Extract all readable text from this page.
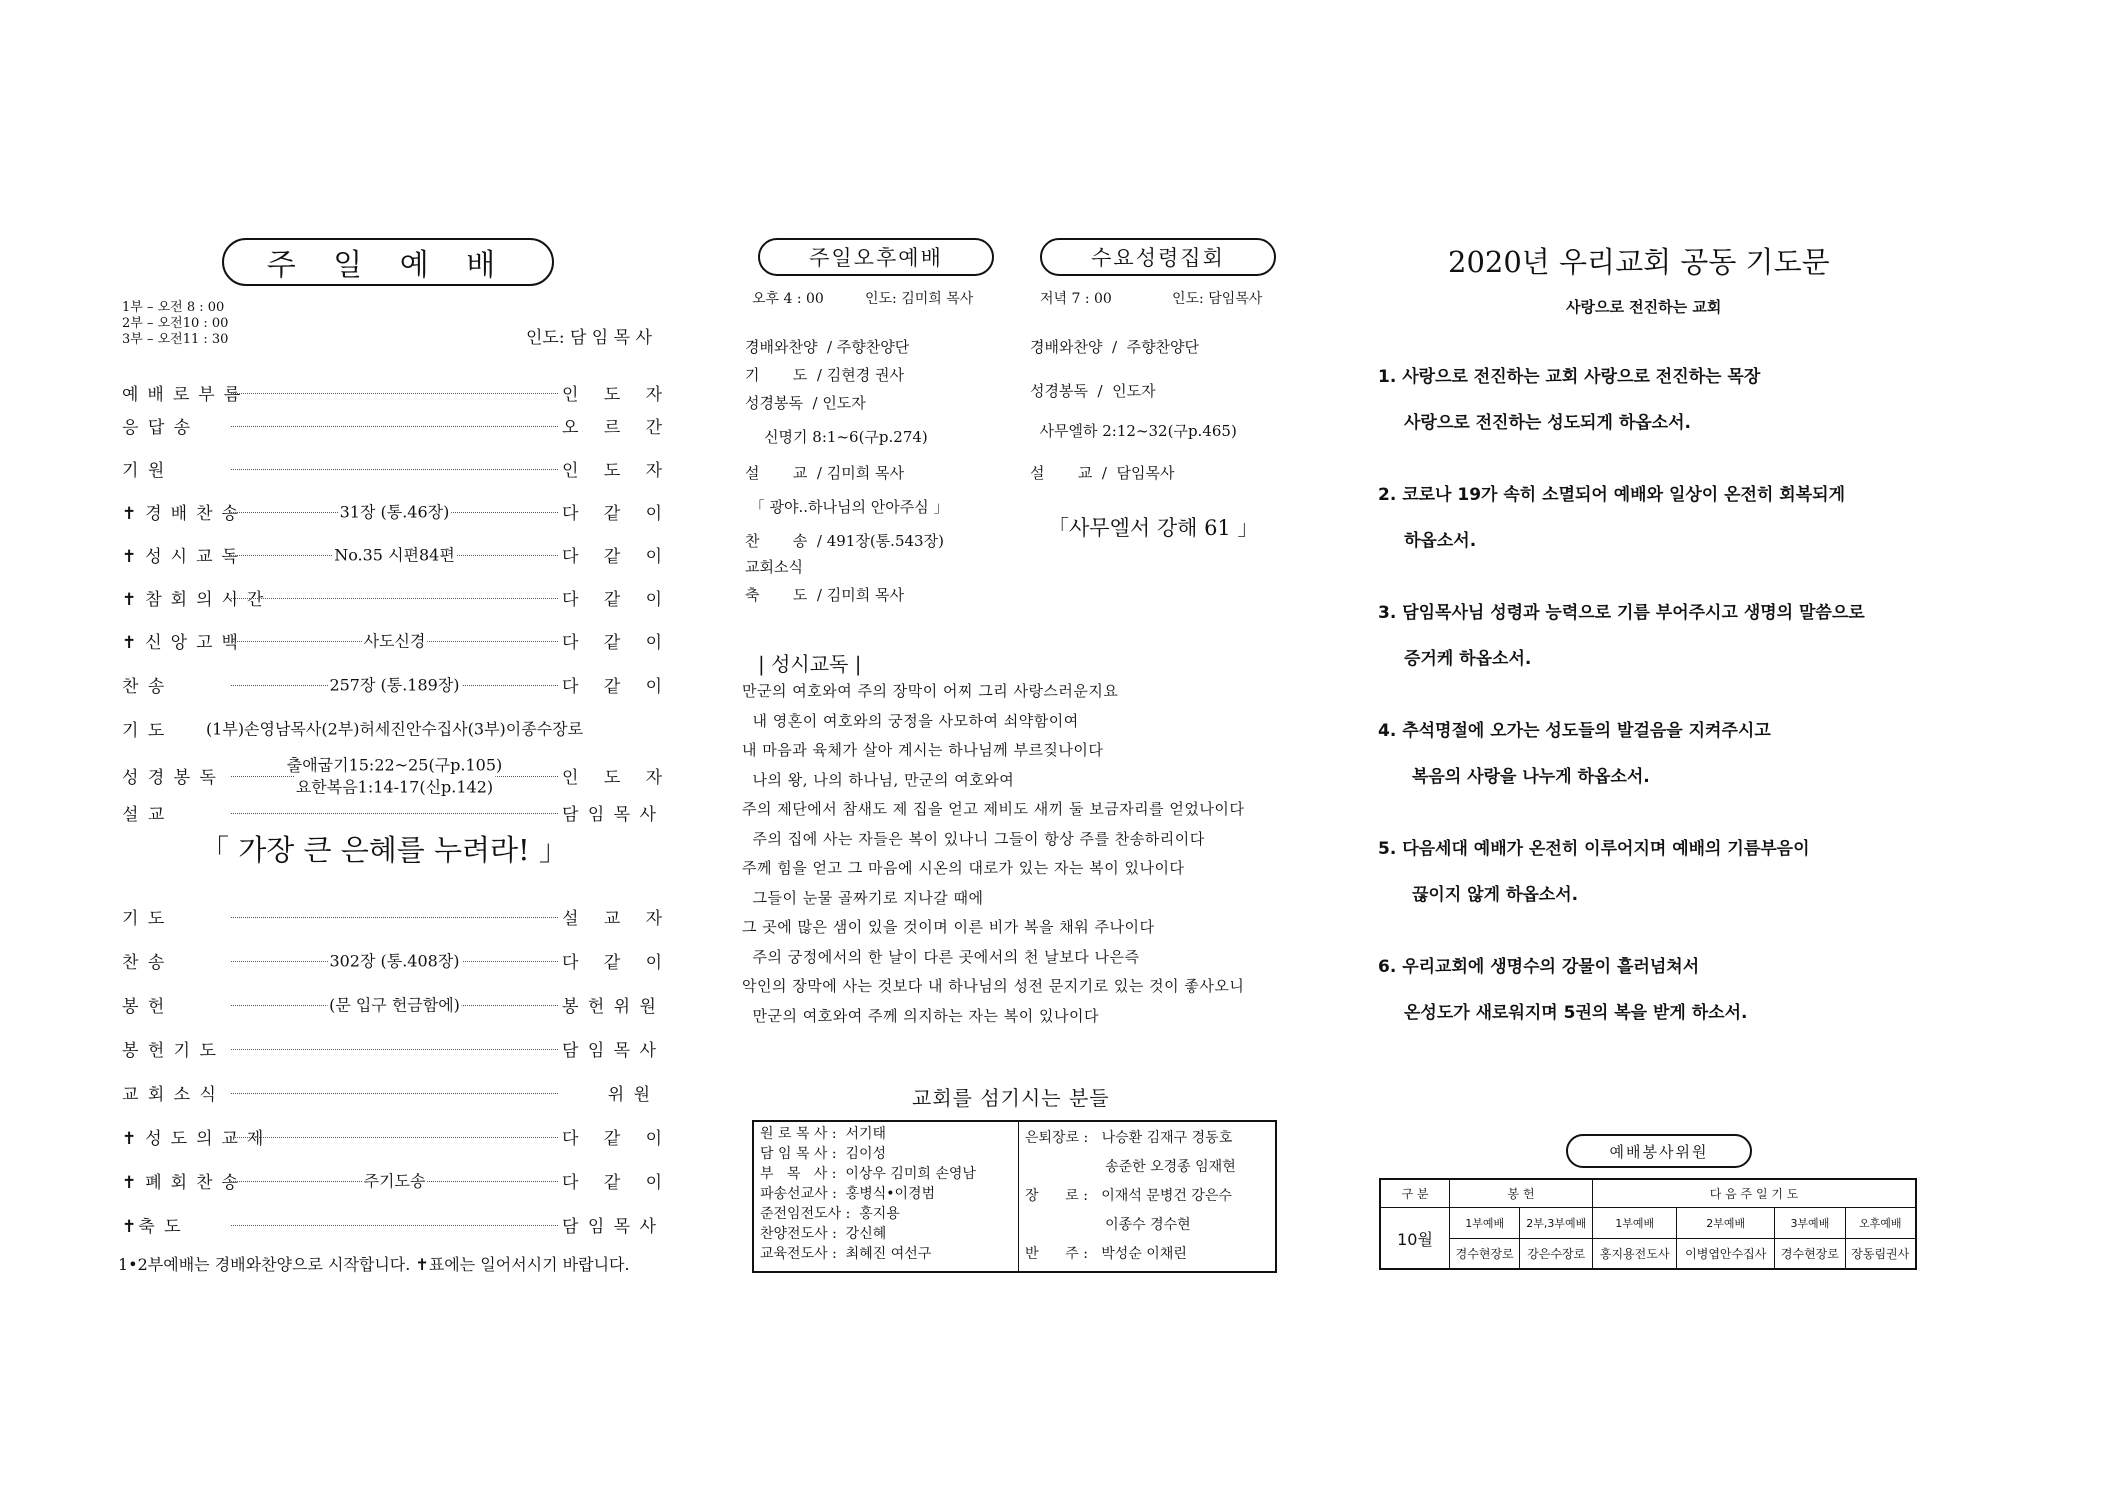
주 일 예 배
1부 – 오전 8 : 00
2부 – 오전10 : 00
3부 – 오전11 : 30	인도: 담 임 목 사
예배로부름	인 도 자
응 답 송	오 르 간
기 원	인 도 자
✝경배찬송	31장 (통.46장)	다 같 이
✝성시교독	No.35 시편84편	다 같 이
✝참회의시간	다 같 이
✝신앙고백	사도신경	다 같 이
찬 송	257장 (통.189장)	다 같 이
기 도	(1부)손영남목사(2부)허세진안수집사(3부)이종수장로
성 경 봉 독
출애굽기15:22~25(구p.105)
요한복음1:14-17(신p.142)	인 도 자
설 교	담 임 목 사
「 가장 큰 은혜를 누려라! 」
기 도	설 교 자
찬 송	302장 (통.408장)	다 같 이
봉 헌	(문 입구 헌금함에)	봉 헌 위 원
봉 헌 기 도	담 임 목 사
교 회 소 식	위 원
✝성도의교제	다 같 이
✝폐회찬송	주기도송	다 같 이
✝축 도	담 임 목 사
1•2부예배는 경배와찬양으로 시작합니다. ✝표에는 일어서시기 바랍니다.
주일오후예배	수요성령집회
오후 4 : 00	인도: 김미희 목사	저녁 7 : 00	인도: 담임목사
경배와찬양  / 주향찬양단
기       도  / 김현경 권사
성경봉독  / 인도자
신명기 8:1~6(구p.274)
설       교  / 김미희 목사
「 광야..하나님의 안아주심 」
찬       송  / 491장(통.543장)
교회소식
축       도  / 김미희 목사
경배와찬양  /  주향찬양단
성경봉독  /  인도자
사무엘하 2:12~32(구p.465)
설       교  /  담임목사
「사무엘서 강해 61 」
| 성시교독 |
만군의 여호와여 주의 장막이 어찌 그리 사랑스러운지요
내 영혼이 여호와의 궁정을 사모하여 쇠약함이여
내 마음과 육체가 살아 계시는 하나님께 부르짖나이다
나의 왕, 나의 하나님, 만군의 여호와여
주의 제단에서 참새도 제 집을 얻고 제비도 새끼 둘 보금자리를 얻었나이다
주의 집에 사는 자들은 복이 있나니 그들이 항상 주를 찬송하리이다
주께 힘을 얻고 그 마음에 시온의 대로가 있는 자는 복이 있나이다
그들이 눈물 골짜기로 지나갈 때에
그 곳에 많은 샘이 있을 것이며 이른 비가 복을 채워 주나이다
주의 궁정에서의 한 날이 다른 곳에서의 천 날보다 나은즉
악인의 장막에 사는 것보다 내 하나님의 성전 문지기로 있는 것이 좋사오니
만군의 여호와여 주께 의지하는 자는 복이 있나이다
교회를 섬기시는 분들
원 로 목 사 :  서기태
담 임 목 사 :  김이성
부   목   사 :  이상우 김미희 손영남
파송선교사 :  홍병식•이경범
준전임전도사 :  홍지용
찬양전도사 :  강신혜
교육전도사 :  최혜진 여선구

은퇴장로 :   나승환 김재구 경동호
송준한 오경종 임재현
장      로 :   이재석 문병건 강은수
이종수 경수현
반      주 :   박성순 이채린
2020년 우리교회 공동 기도문
사랑으로 전진하는 교회
1. 사랑으로 전진하는 교회 사랑으로 전진하는 목장
사랑으로 전진하는 성도되게 하옵소서.
2. 코로나 19가 속히 소멸되어 예배와 일상이 온전히 회복되게
하옵소서.
3. 담임목사님 성령과 능력으로 기름 부어주시고 생명의 말씀으로
증거케 하옵소서.
4. 추석명절에 오가는 성도들의 발걸음을 지켜주시고
복음의 사랑을 나누게 하옵소서.
5. 다음세대 예배가 온전히 이루어지며 예배의 기름부음이
끊이지 않게 하옵소서.
6. 우리교회에 생명수의 강물이 흘러넘쳐서
온성도가 새로워지며 5권의 복을 받게 하소서.
예배봉사위원
구 분	봉 헌		다 음 주 일 기 도			
10월	1부예배	2부,3부예배	1부예배	2부예배	3부예배	오후예배
	경수현장로	강은수장로	홍지용전도사	이병엽안수집사	경수현장로	장동림권사
